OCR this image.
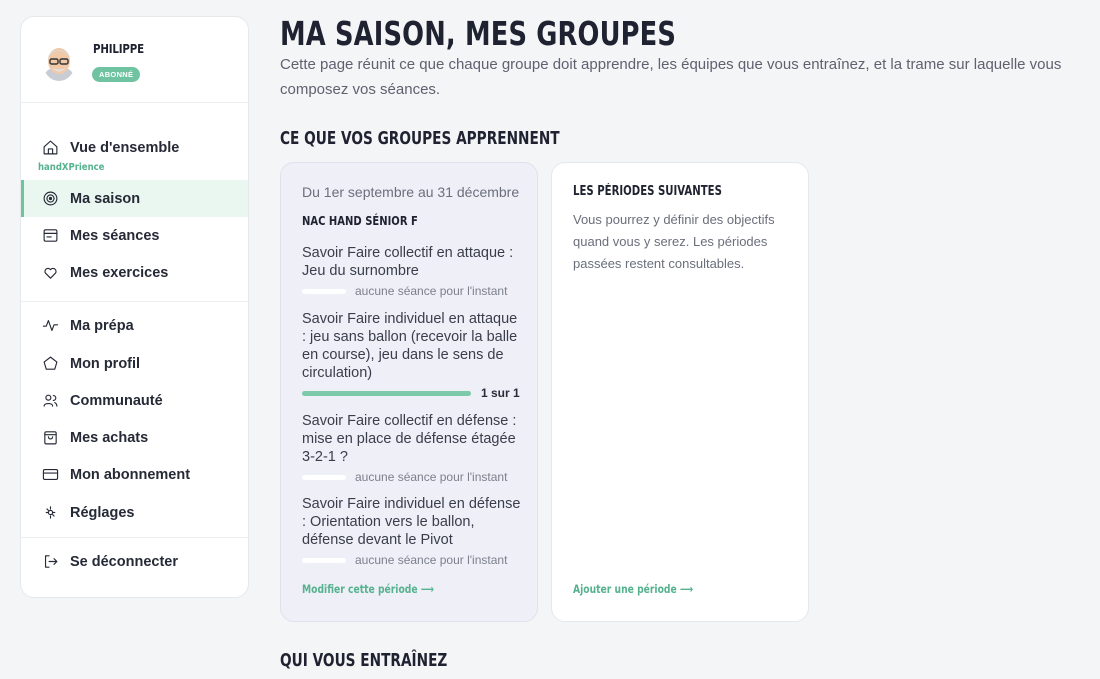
PHILIPPE
ABONNÉ
Vue d'ensemble
handXPrience
Ma saison
Mes séances
Mes exercices
Ma prépa
Mon profil
Communauté
Mes achats
Mon abonnement
Réglages
Se déconnecter
MA SAISON, MES GROUPES

Cette page réunit ce que chaque groupe doit apprendre, les équipes que vous entraînez, et la trame sur laquelle vous composez vos séances.

CE QUE VOS GROUPES APPRENNENT
Du 1er septembre au 31 décembre
NAC HAND SÉNIOR F
Savoir Faire collectif en attaque : Jeu du surnombre
aucune séance pour l'instant
Savoir Faire individuel en attaque : jeu sans ballon (recevoir la balle en course), jeu dans le sens de circulation)
1 sur 1
Savoir Faire collectif en défense : mise en place de défense étagée 3-2-1 ?
aucune séance pour l'instant
Savoir Faire individuel en défense : Orientation vers le ballon, défense devant le Pivot
aucune séance pour l'instant
Modifier cette période ⟶
LES PÉRIODES SUIVANTES

Vous pourrez y définir des objectifs quand vous y serez. Les périodes passées restent consultables.

Ajouter une période ⟶
QUI VOUS ENTRAÎNEZ
